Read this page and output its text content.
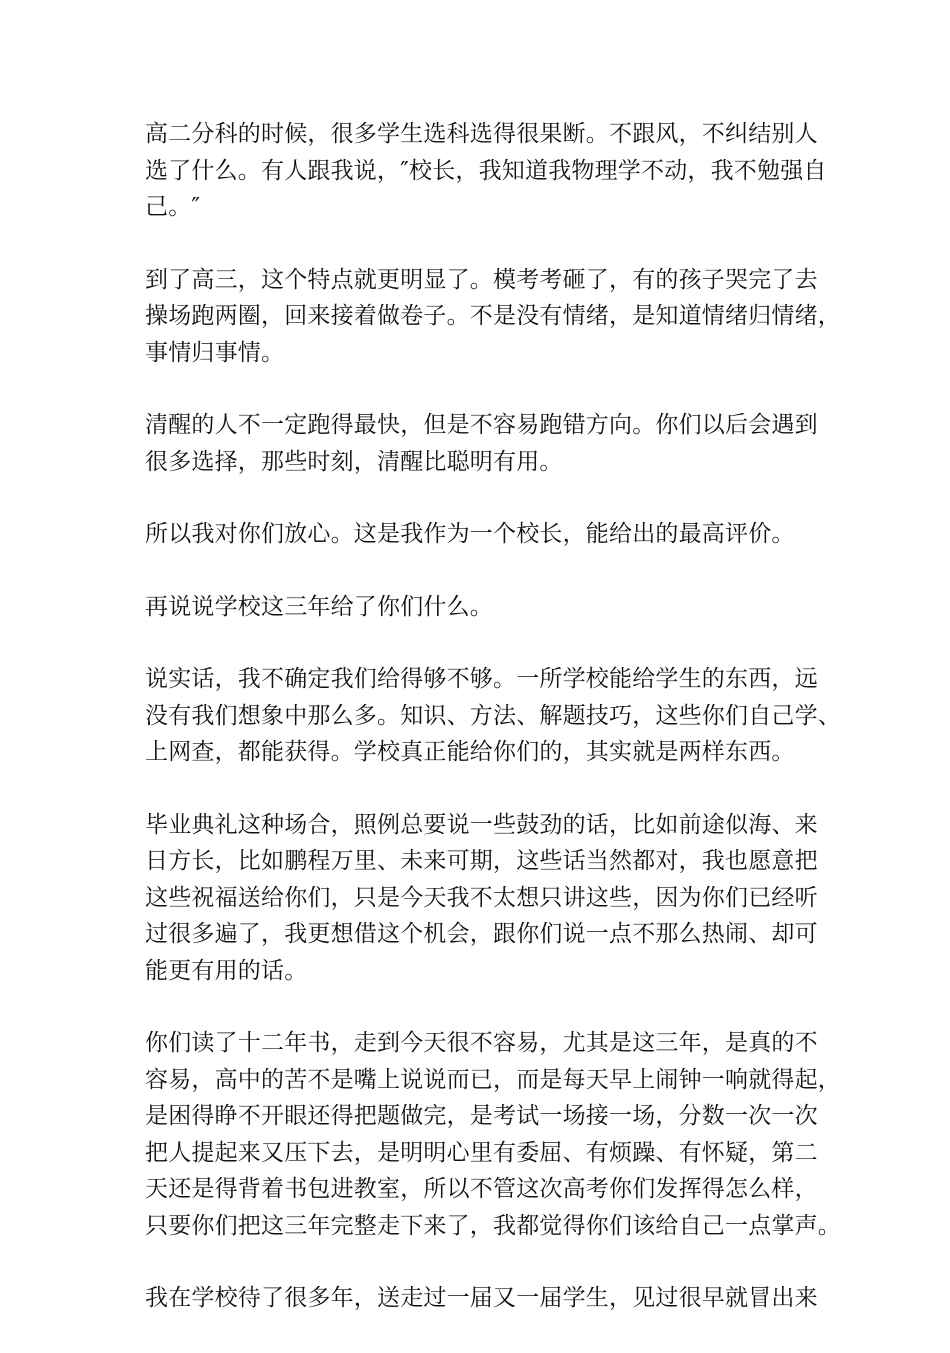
高二分科的时候，很多学生选科选得很果断。不跟风，不纠结别人
选了什么。有人跟我说，″校长，我知道我物理学不动，我不勉强自
己。″

到了高三，这个特点就更明显了。模考考砸了，有的孩子哭完了去
操场跑两圈，回来接着做卷子。不是没有情绪，是知道情绪归情绪，
事情归事情。

清醒的人不一定跑得最快，但是不容易跑错方向。你们以后会遇到
很多选择，那些时刻，清醒比聪明有用。

所以我对你们放心。这是我作为一个校长，能给出的最高评价。

再说说学校这三年给了你们什么。

说实话，我不确定我们给得够不够。一所学校能给学生的东西，远
没有我们想象中那么多。知识、方法、解题技巧，这些你们自己学、
上网查，都能获得。学校真正能给你们的，其实就是两样东西。

毕业典礼这种场合，照例总要说一些鼓劲的话，比如前途似海、来
日方长，比如鹏程万里、未来可期，这些话当然都对，我也愿意把
这些祝福送给你们，只是今天我不太想只讲这些，因为你们已经听
过很多遍了，我更想借这个机会，跟你们说一点不那么热闹、却可
能更有用的话。

你们读了十二年书，走到今天很不容易，尤其是这三年，是真的不
容易，高中的苦不是嘴上说说而已，而是每天早上闹钟一响就得起，
是困得睁不开眼还得把题做完，是考试一场接一场，分数一次一次
把人提起来又压下去，是明明心里有委屈、有烦躁、有怀疑，第二
天还是得背着书包进教室，所以不管这次高考你们发挥得怎么样，
只要你们把这三年完整走下来了，我都觉得你们该给自己一点掌声。

我在学校待了很多年，送走过一届又一届学生，见过很早就冒出来
